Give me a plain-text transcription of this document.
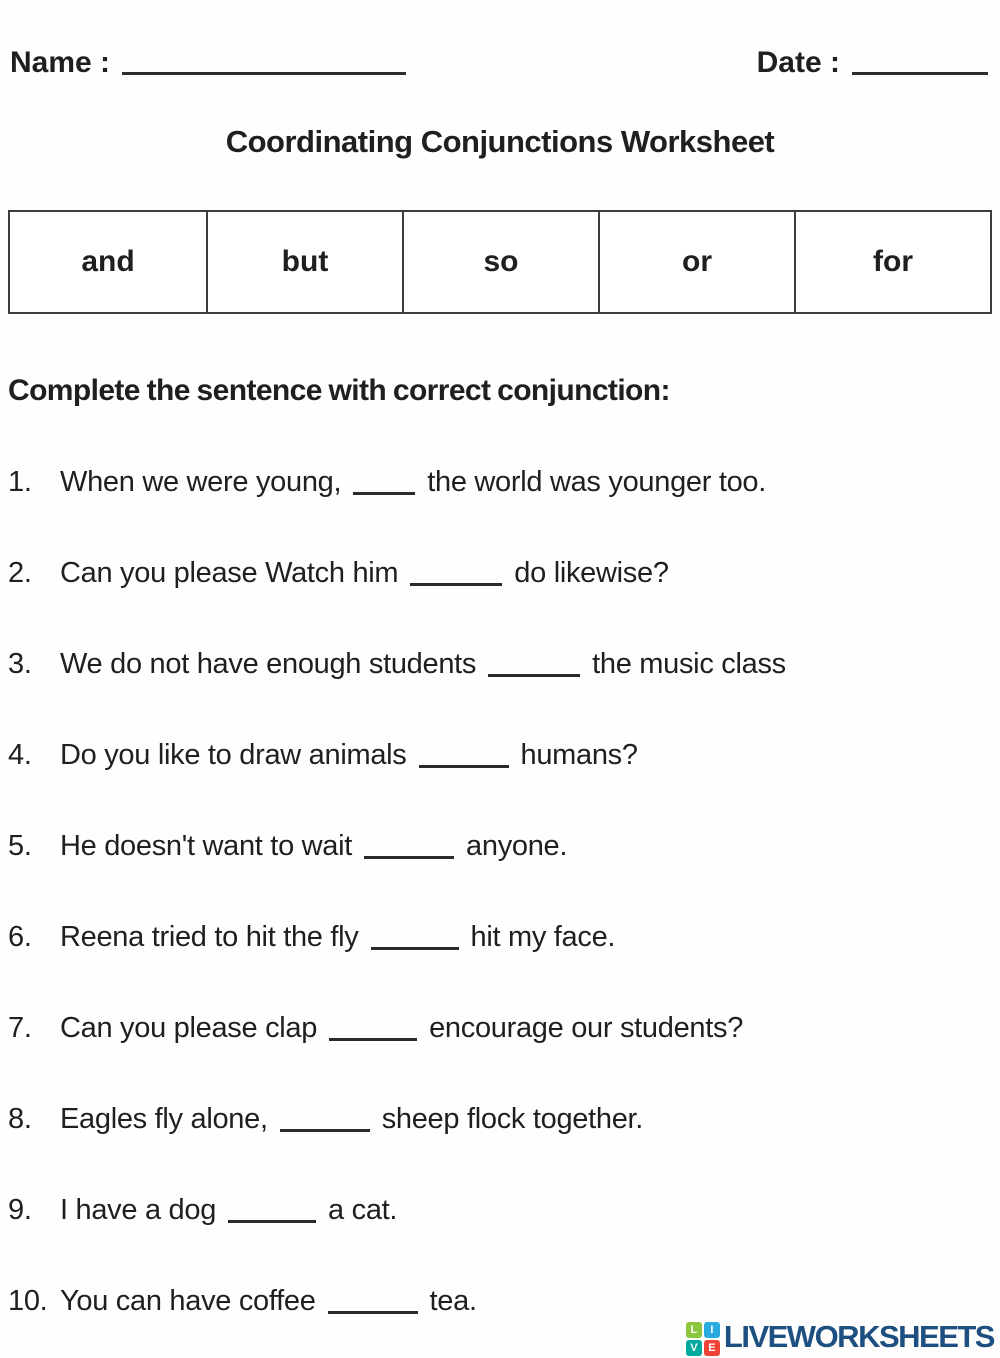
Name :	Date :
Coordinating Conjunctions Worksheet
and	but	so	or	for
Complete the sentence with correct conjunction:
1. When we were young,	the world was younger too.
2. Can you please Watch him	do likewise?
3. We do not have enough students	the music class
4. Do you like to draw animals	humans?
5. He doesn't want to wait	anyone.
6. Reena tried to hit the fly	hit my face.
7. Can you please clap	encourage our students?
8. Eagles fly alone,	sheep flock together.
9. I have a dog	a cat.
10. You can have coffee	tea.
L	I
V E LIVEWORKSHEETS
